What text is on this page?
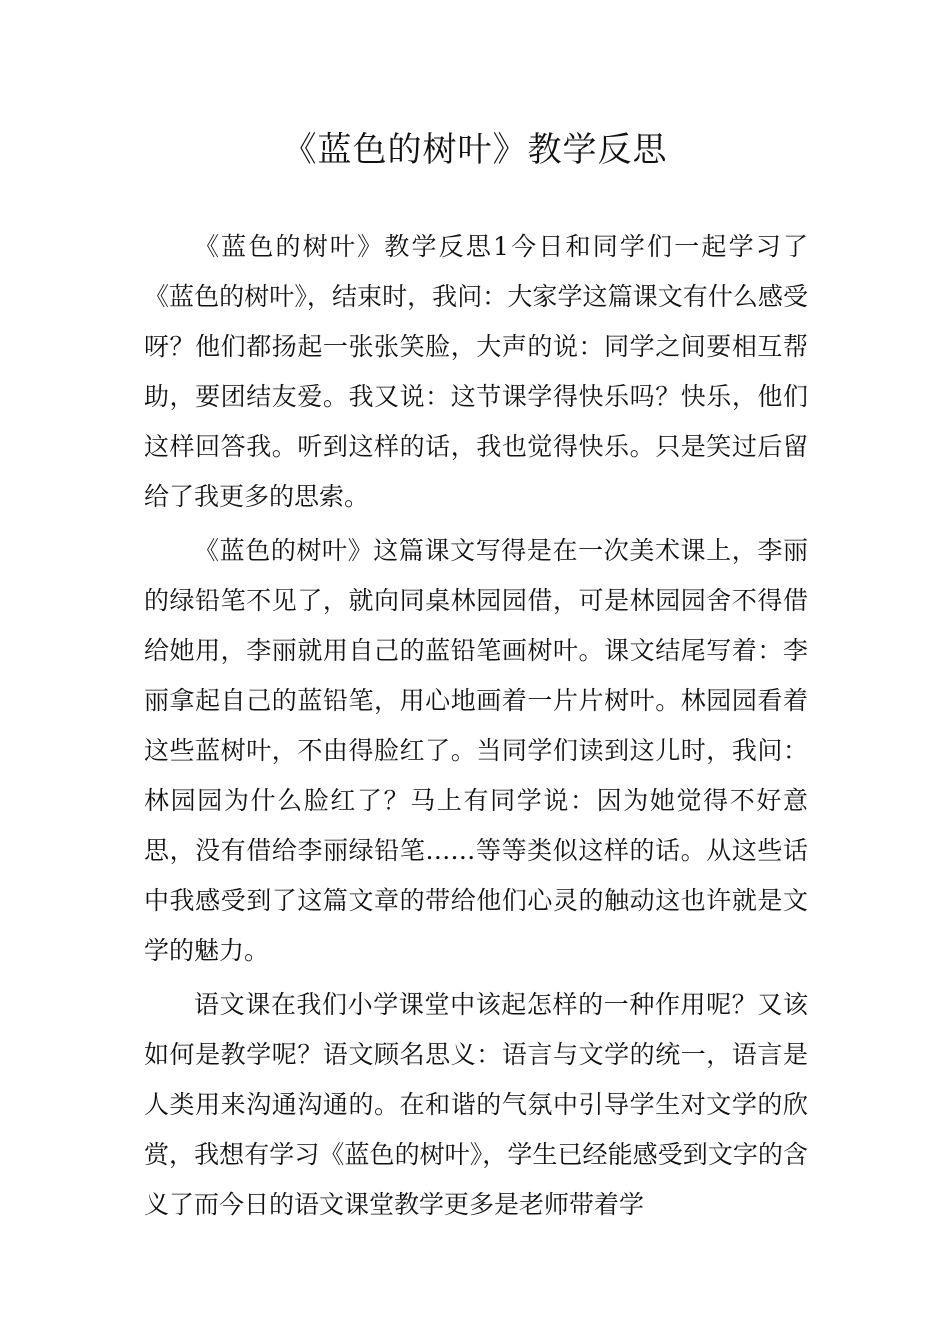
《蓝色的树叶》教学反思

《蓝色的树叶》教学反思1今日和同学们一起学习了《蓝色的树叶》，结束时，我问：大家学这篇课文有什么感受呀？他们都扬起一张张笑脸，大声的说：同学之间要相互帮助，要团结友爱。我又说：这节课学得快乐吗？快乐，他们这样回答我。听到这样的话，我也觉得快乐。只是笑过后留给了我更多的思索。

《蓝色的树叶》这篇课文写得是在一次美术课上，李丽的绿铅笔不见了，就向同桌林园园借，可是林园园舍不得借给她用，李丽就用自己的蓝铅笔画树叶。课文结尾写着：李丽拿起自己的蓝铅笔，用心地画着一片片树叶。林园园看着这些蓝树叶，不由得脸红了。当同学们读到这儿时，我问：林园园为什么脸红了？马上有同学说：因为她觉得不好意思，没有借给李丽绿铅笔……等等类似这样的话。从这些话中我感受到了这篇文章的带给他们心灵的触动这也许就是文学的魅力。

语文课在我们小学课堂中该起怎样的一种作用呢？又该如何是教学呢？语文顾名思义：语言与文学的统一，语言是人类用来沟通沟通的。在和谐的气氛中引导学生对文学的欣赏，我想有学习《蓝色的树叶》，学生已经能感受到文字的含义了而今日的语文课堂教学更多是老师带着学
